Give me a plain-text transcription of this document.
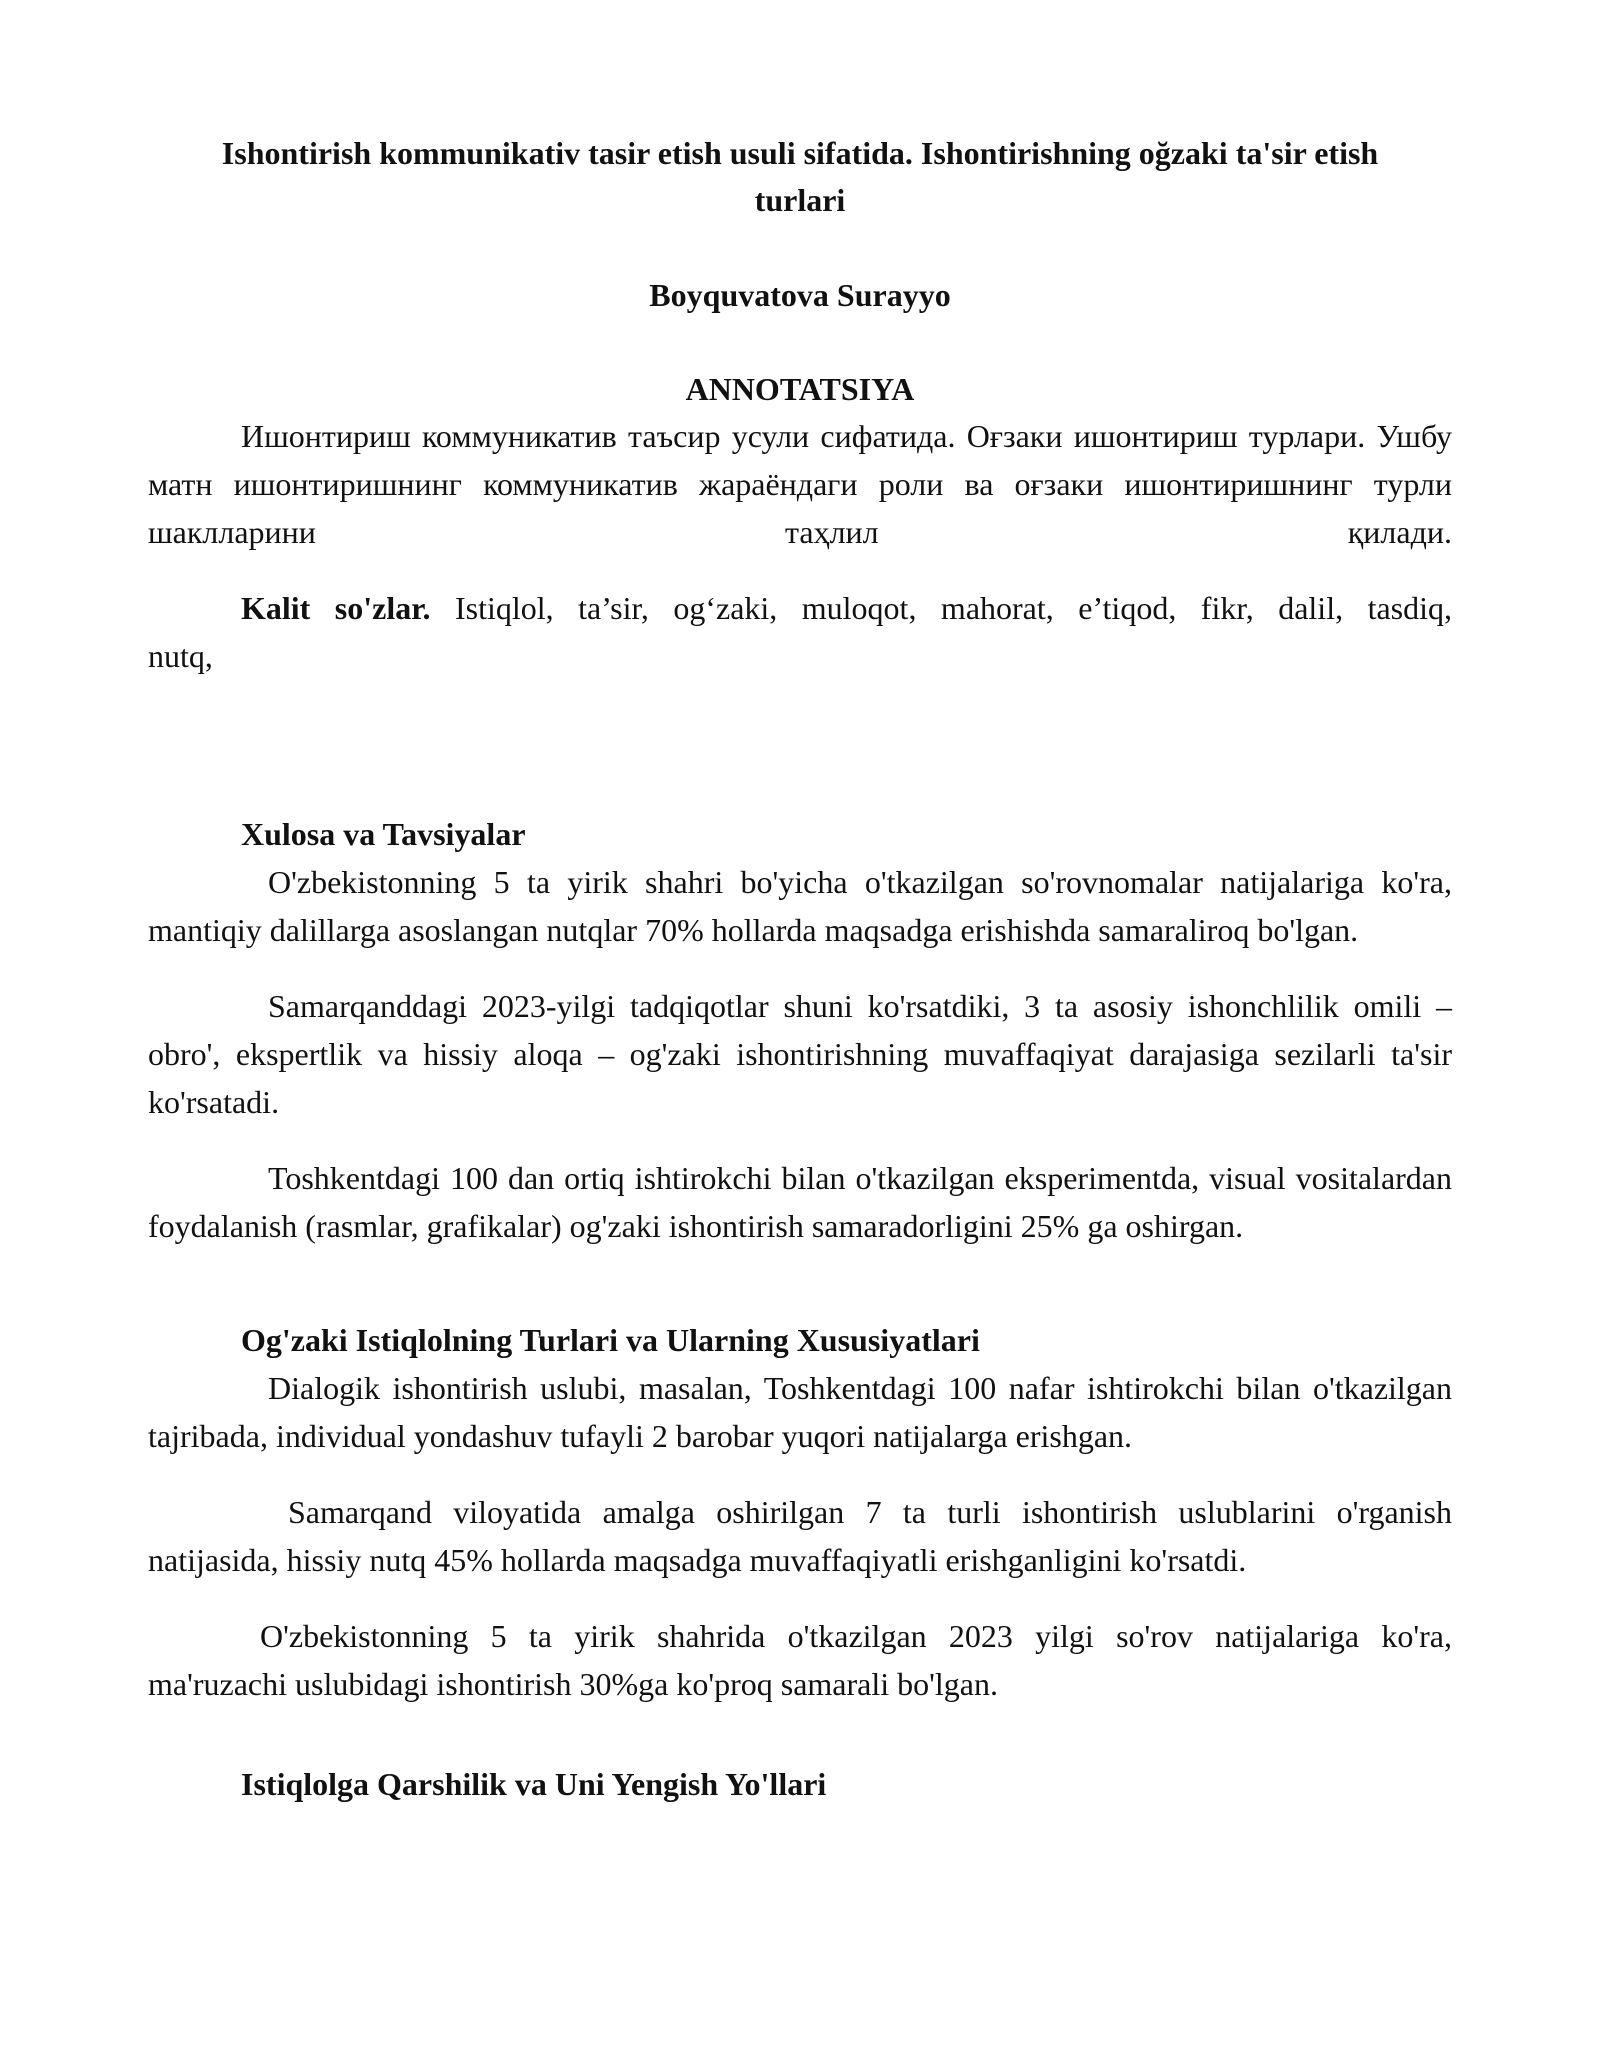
Ishontirish kommunikativ tasir etish usuli sifatida. Ishontirishning oğzaki ta'sir etish turlari
Boyquvatova Surayyo
ANNOTATSIYA

Ишонтириш коммуникатив таъсир усули сифатида. Оғзаки ишонтириш турлари. Ушбу матн ишонтиришнинг коммуникатив жараёндаги роли ва оғзаки ишонтиришнинг турли шаклларини таҳлил қилади.

Kalit so'zlar. Istiqlol, ta’sir, og‘zaki, muloqot, mahorat, e’tiqod, fikr, dalil, tasdiq, nutq,

Xulosa va Tavsiyalar

O'zbekistonning 5 ta yirik shahri bo'yicha o'tkazilgan so'rovnomalar natijalariga ko'ra, mantiqiy dalillarga asoslangan nutqlar 70% hollarda maqsadga erishishda samaraliroq bo'lgan.

Samarqanddagi 2023-yilgi tadqiqotlar shuni ko'rsatdiki, 3 ta asosiy ishonchlilik omili – obro', ekspertlik va hissiy aloqa – og'zaki ishontirishning muvaffaqiyat darajasiga sezilarli ta'sir ko'rsatadi.

Toshkentdagi 100 dan ortiq ishtirokchi bilan o'tkazilgan eksperimentda, visual vositalardan foydalanish (rasmlar, grafikalar) og'zaki ishontirish samaradorligini 25% ga oshirgan.

Og'zaki Istiqlolning Turlari va Ularning Xususiyatlari

Dialogik ishontirish uslubi, masalan, Toshkentdagi 100 nafar ishtirokchi bilan o'tkazilgan tajribada, individual yondashuv tufayli 2 barobar yuqori natijalarga erishgan.

Samarqand viloyatida amalga oshirilgan 7 ta turli ishontirish uslublarini o'rganish natijasida, hissiy nutq 45% hollarda maqsadga muvaffaqiyatli erishganligini ko'rsatdi.

O'zbekistonning 5 ta yirik shahrida o'tkazilgan 2023 yilgi so'rov natijalariga ko'ra, ma'ruzachi uslubidagi ishontirish 30%ga ko'proq samarali bo'lgan.

Istiqlolga Qarshilik va Uni Yengish Yo'llari
